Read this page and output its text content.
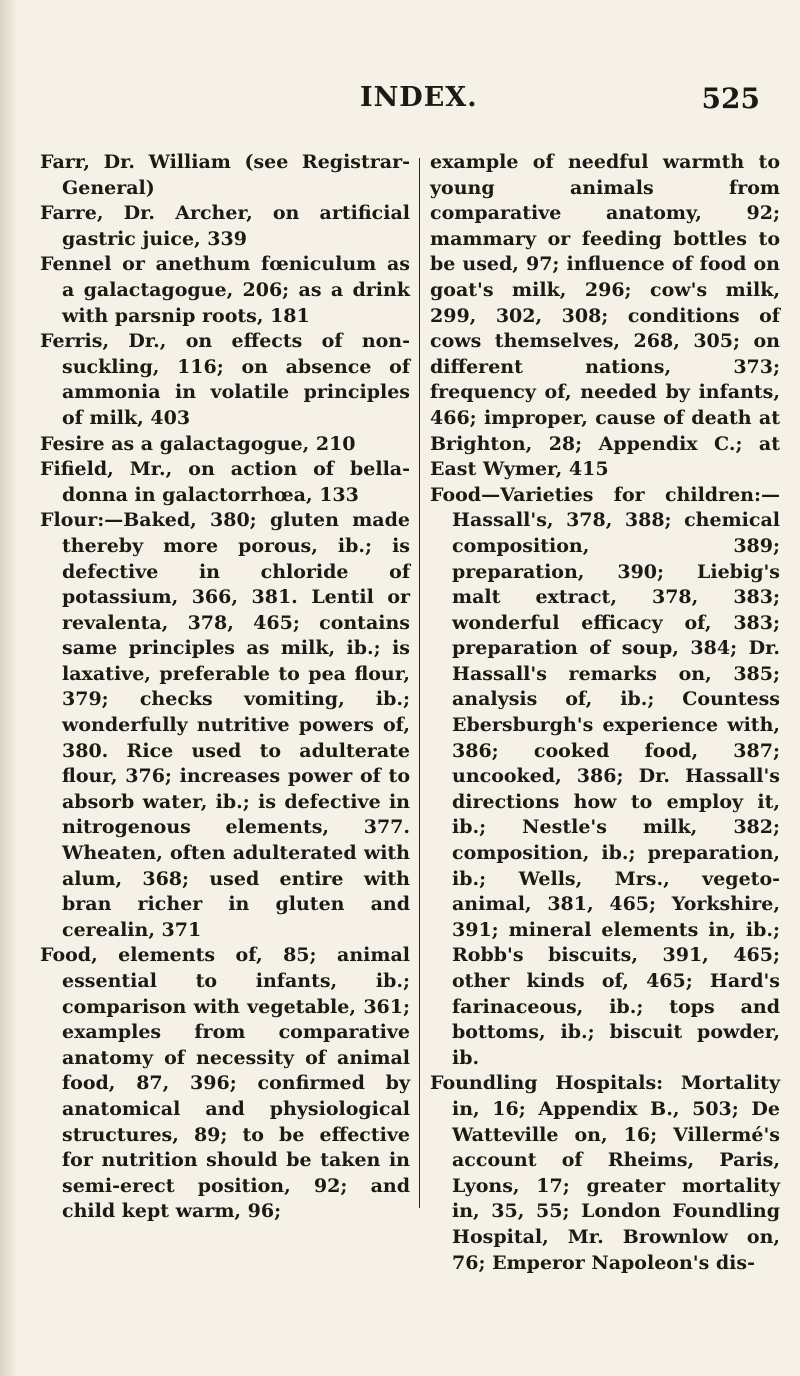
INDEX.	525

Farr, Dr. William (see Registrar-General)

Farre, Dr. Archer, on artificial gastric juice, 339

Fennel or anethum fœniculum as a galactagogue, 206; as a drink with parsnip roots, 181

Ferris, Dr., on effects of non-suckling, 116; on absence of ammonia in volatile principles of milk, 403

Fesire as a galactagogue, 210

Fifield, Mr., on action of bella-donna in galactorrhœa, 133

Flour:—Baked, 380; gluten made thereby more porous, ib.; is defective in chloride of potassium, 366, 381. Lentil or revalenta, 378, 465; contains same principles as milk, ib.; is laxative, preferable to pea flour, 379; checks vomiting, ib.; wonderfully nutritive powers of, 380. Rice used to adulterate flour, 376; increases power of to absorb water, ib.; is defective in nitrogenous elements, 377. Wheaten, often adulterated with alum, 368; used entire with bran richer in gluten and cerealin, 371

Food, elements of, 85; animal essential to infants, ib.; comparison with vegetable, 361; examples from comparative anatomy of necessity of animal food, 87, 396; confirmed by anatomical and physiological structures, 89; to be effective for nutrition should be taken in semi-erect position, 92; and child kept warm, 96;

example of needful warmth to young animals from comparative anatomy, 92; mammary or feeding bottles to be used, 97; influence of food on goat's milk, 296; cow's milk, 299, 302, 308; conditions of cows themselves, 268, 305; on different nations, 373; frequency of, needed by infants, 466; improper, cause of death at Brighton, 28; Appendix C.; at East Wymer, 415

Food—Varieties for children:—Hassall's, 378, 388; chemical composition, 389; preparation, 390; Liebig's malt extract, 378, 383; wonderful efficacy of, 383; preparation of soup, 384; Dr. Hassall's remarks on, 385; analysis of, ib.; Countess Ebersburgh's experience with, 386; cooked food, 387; uncooked, 386; Dr. Hassall's directions how to employ it, ib.; Nestle's milk, 382; composition, ib.; preparation, ib.; Wells, Mrs., vegeto-animal, 381, 465; Yorkshire, 391; mineral elements in, ib.; Robb's biscuits, 391, 465; other kinds of, 465; Hard's farinaceous, ib.; tops and bottoms, ib.; biscuit powder, ib.

Foundling Hospitals: Mortality in, 16; Appendix B., 503; De Watteville on, 16; Villermé's account of Rheims, Paris, Lyons, 17; greater mortality in, 35, 55; London Foundling Hospital, Mr. Brownlow on, 76; Emperor Napoleon's dis-
